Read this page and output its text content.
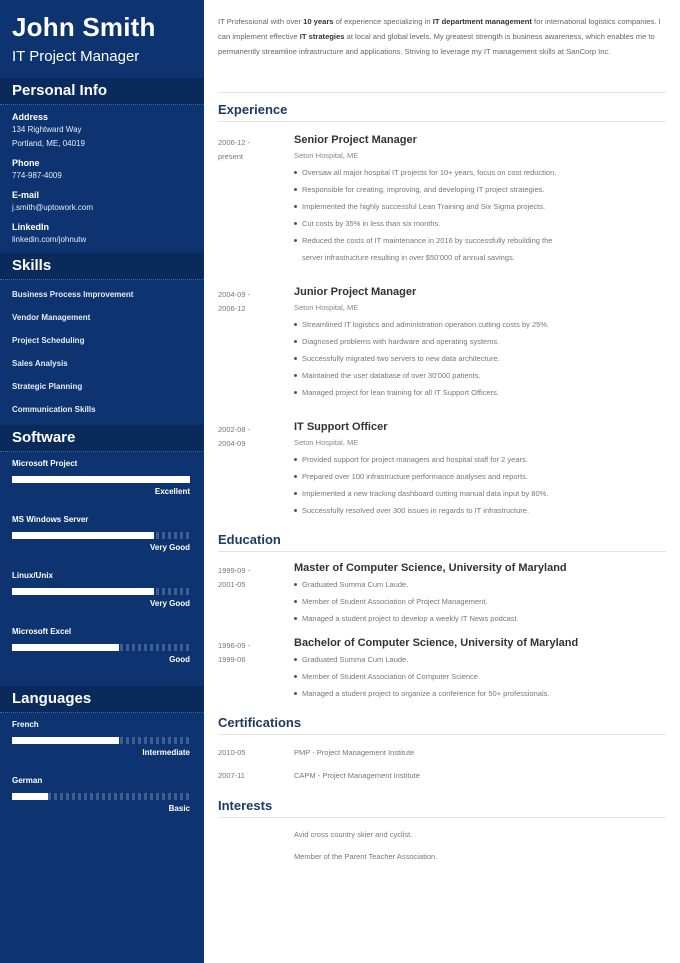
John Smith
IT Project Manager
Personal Info
Address
134 Rightward Way
Portland, ME, 04019
Phone
774-987-4009
E-mail
j.smith@uptowork.com
LinkedIn
linkedin.com/johnutw
Skills
Business Process Improvement
Vendor Management
Project Scheduling
Sales Analysis
Strategic Planning
Communication Skills
Software
Microsoft Project
Excellent
MS Windows Server
Very Good
Linux/Unix
Very Good
Microsoft Excel
Good
Languages
French
Intermediate
German
Basic
IT Professional with over 10 years of experience specializing in IT department management for international logistics companies. I can implement effective IT strategies at local and global levels. My greatest strength is business awareness, which enables me to permanently streamline infrastructure and applications. Striving to leverage my IT management skills at SanCorp Inc.
Experience
2006-12 -
present
Senior Project Manager
Seton Hospital, ME
Oversaw all major hospital IT projects for 10+ years, focus on cost reduction.
Responsible for creating, improving, and developing IT project strategies.
Implemented the highly successful Lean Training and Six Sigma projects.
Cut costs by 35% in less than six months.
Reduced the costs of IT maintenance in 2016 by successfully rebuilding the
server infrastructure resulting in over $50'000 of annual savings.
2004-09 -
2006-12
Junior Project Manager
Seton Hospital, ME
Streamlined IT logistics and administration operation cutting costs by 25%.
Diagnosed problems with hardware and operating systems.
Successfully migrated two servers to new data architecture.
Maintained the user database of over 30'000 patients.
Managed project for lean training for all IT Support Officers.
2002-08 -
2004-09
IT Support Officer
Seton Hospital, ME
Provided support for project managers and hospital staff for 2 years.
Prepared over 100 infrastructure performance analyses and reports.
Implemented a new tracking dashboard cutting manual data input by 80%.
Successfully resolved over 300 issues in regards to IT infrastructure.
Education
1999-09 -
2001-05
Master of Computer Science, University of Maryland
Graduated Summa Cum Laude.
Member of Student Association of Project Management.
Managed a student project to develop a weekly IT News podcast.
1996-09 -
1999-06
Bachelor of Computer Science, University of Maryland
Graduated Summa Cum Laude.
Member of Student Association of Computer Science.
Managed a student project to organize a conference for 50+ professionals.
Certifications
2010-05	PMP - Project Management Institute
2007-11	CAPM - Project Management Institute
Interests
Avid cross country skier and cyclist.
Member of the Parent Teacher Association.
